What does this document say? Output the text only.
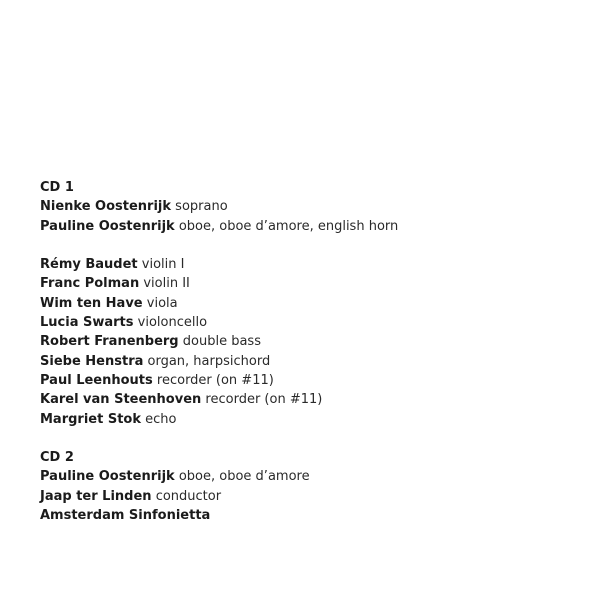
CD 1
Nienke Oostenrijk soprano
Pauline Oostenrijk oboe, oboe d’amore, english horn
Rémy Baudet violin I
Franc Polman violin II
Wim ten Have viola
Lucia Swarts violoncello
Robert Franenberg double bass
Siebe Henstra organ, harpsichord
Paul Leenhouts recorder (on #11)
Karel van Steenhoven recorder (on #11)
Margriet Stok echo
CD 2
Pauline Oostenrijk oboe, oboe d’amore
Jaap ter Linden conductor
Amsterdam Sinfonietta
